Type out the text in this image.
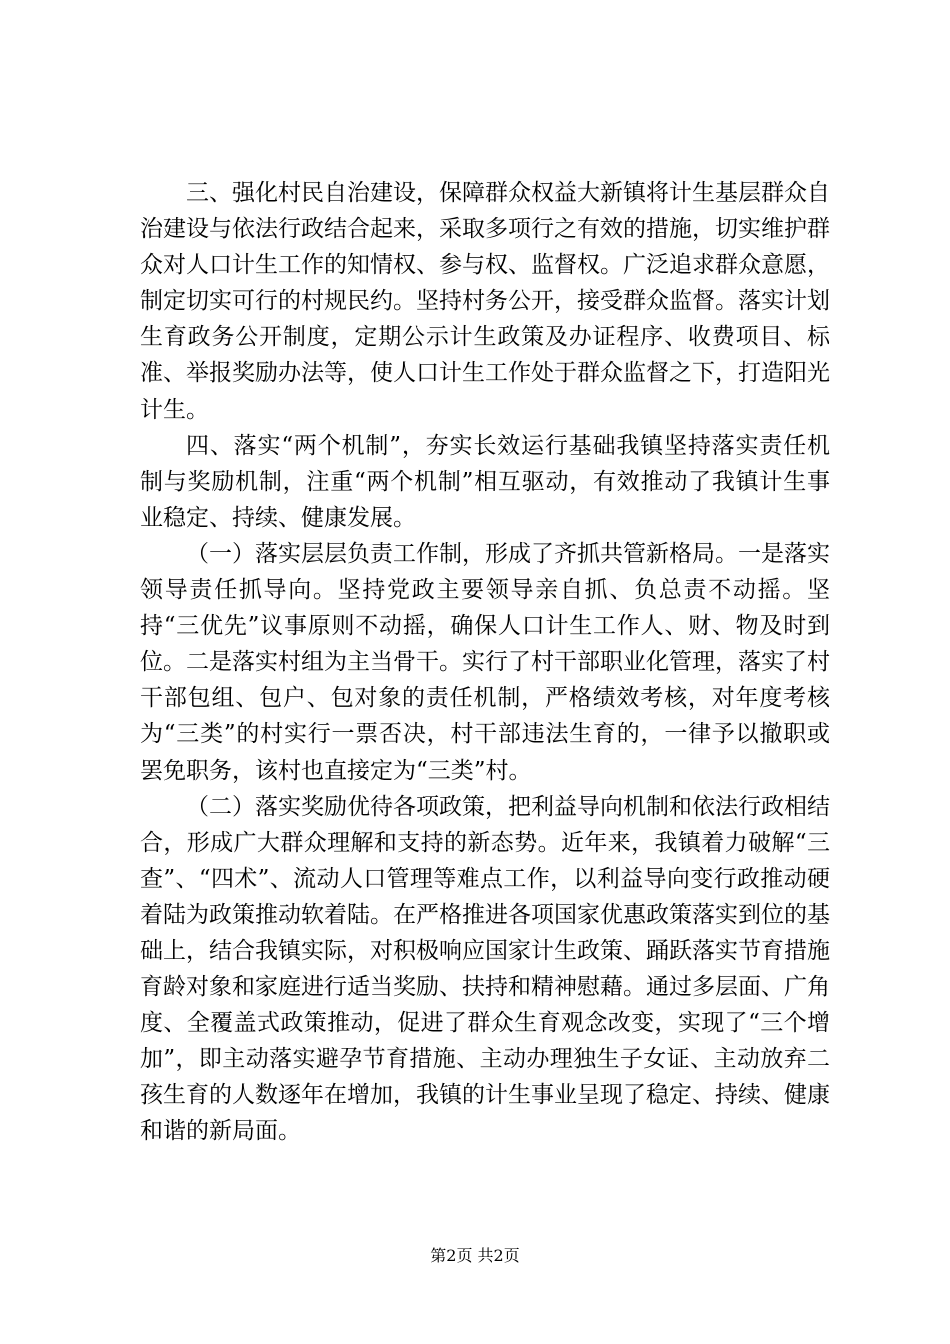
三、强化村民自治建设，保障群众权益大新镇将计生基层群众自治建设与依法行政结合起来，采取多项行之有效的措施，切实维护群众对人口计生工作的知情权、参与权、监督权。广泛追求群众意愿，制定切实可行的村规民约。坚持村务公开，接受群众监督。落实计划生育政务公开制度，定期公示计生政策及办证程序、收费项目、标准、举报奖励办法等，使人口计生工作处于群众监督之下，打造阳光计生。

四、落实“两个机制”，夯实长效运行基础我镇坚持落实责任机制与奖励机制，注重“两个机制”相互驱动，有效推动了我镇计生事业稳定、持续、健康发展。

（一）落实层层负责工作制，形成了齐抓共管新格局。一是落实领导责任抓导向。坚持党政主要领导亲自抓、负总责不动摇。坚持“三优先”议事原则不动摇，确保人口计生工作人、财、物及时到位。二是落实村组为主当骨干。实行了村干部职业化管理，落实了村干部包组、包户、包对象的责任机制，严格绩效考核，对年度考核为“三类”的村实行一票否决，村干部违法生育的，一律予以撤职或罢免职务，该村也直接定为“三类”村。

（二）落实奖励优待各项政策，把利益导向机制和依法行政相结合，形成广大群众理解和支持的新态势。近年来，我镇着力破解“三查”、“四术”、流动人口管理等难点工作，以利益导向变行政推动硬着陆为政策推动软着陆。在严格推进各项国家优惠政策落实到位的基础上，结合我镇实际，对积极响应国家计生政策、踊跃落实节育措施育龄对象和家庭进行适当奖励、扶持和精神慰藉。通过多层面、广角度、全覆盖式政策推动，促进了群众生育观念改变，实现了“三个增加”，即主动落实避孕节育措施、主动办理独生子女证、主动放弃二孩生育的人数逐年在增加，我镇的计生事业呈现了稳定、持续、健康和谐的新局面。

第2页 共2页
